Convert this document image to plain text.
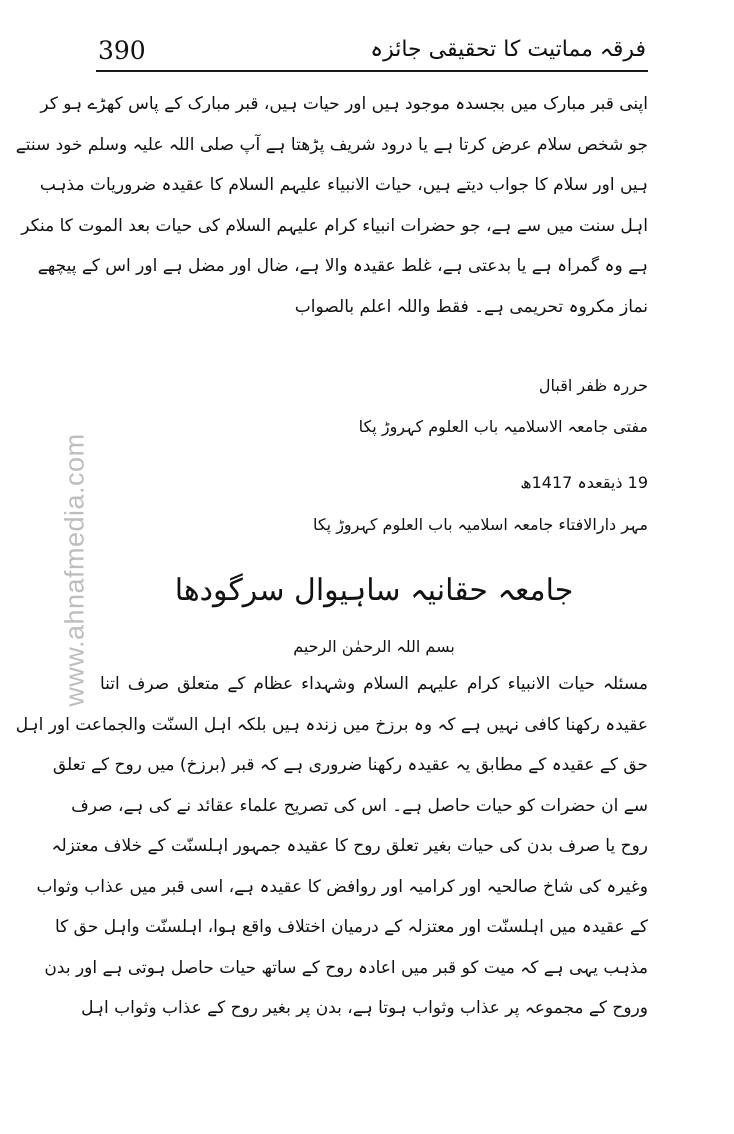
390	فرقہ مماتیت کا تحقیقی جائزہ
www.ahnafmedia.com
اپنی قبر مبارک میں بجسدہ موجود ہیں اور حیات ہیں، قبر مبارک کے پاس کھڑے ہو کر
جو شخص سلام عرض کرتا ہے یا درود شریف پڑھتا ہے آپ صلی اللہ علیہ وسلم خود سنتے
ہیں اور سلام کا جواب دیتے ہیں، حیات الانبیاء علیہم السلام کا عقیدہ ضروریات مذہب
اہل سنت میں سے ہے، جو حضرات انبیاء کرام علیہم السلام کی حیات بعد الموت کا منکر
ہے وہ گمراہ ہے یا بدعتی ہے، غلط عقیدہ والا ہے، ضال اور مضل ہے اور اس کے پیچھے
نماز مکروہ تحریمی ہے۔ فقط واللہ اعلم بالصواب
حررہ ظفر اقبال
مفتی جامعہ الاسلامیہ باب العلوم کہروڑ پکا
19 ذیقعدہ 1417ھ
مہر دارالافتاء جامعہ اسلامیہ باب العلوم کہروڑ پکا
جامعہ حقانیہ ساہیوال سرگودھا
بسم اللہ الرحمٰن الرحیم
مسئلہ حیات الانبیاء کرام علیہم السلام وشہداء عظام کے متعلق صرف اتنا
عقیدہ رکھنا کافی نہیں ہے کہ وہ برزخ میں زندہ ہیں بلکہ اہل السنّت والجماعت اور اہل
حق کے عقیدہ کے مطابق یہ عقیدہ رکھنا ضروری ہے کہ قبر (برزخ) میں روح کے تعلق
سے ان حضرات کو حیات حاصل ہے۔ اس کی تصریح علماء عقائد نے کی ہے، صرف
روح یا صرف بدن کی حیات بغیر تعلق روح کا عقیدہ جمہور اہلسنّت کے خلاف معتزلہ
وغیرہ کی شاخ صالحیہ اور کرامیہ اور روافض کا عقیدہ ہے، اسی قبر میں عذاب وثواب
کے عقیدہ میں اہلسنّت اور معتزلہ کے درمیان اختلاف واقع ہوا، اہلسنّت واہل حق کا
مذہب یہی ہے کہ میت کو قبر میں اعادہ روح کے ساتھ حیات حاصل ہوتی ہے اور بدن
وروح کے مجموعہ پر عذاب وثواب ہوتا ہے، بدن پر بغیر روح کے عذاب وثواب اہل
